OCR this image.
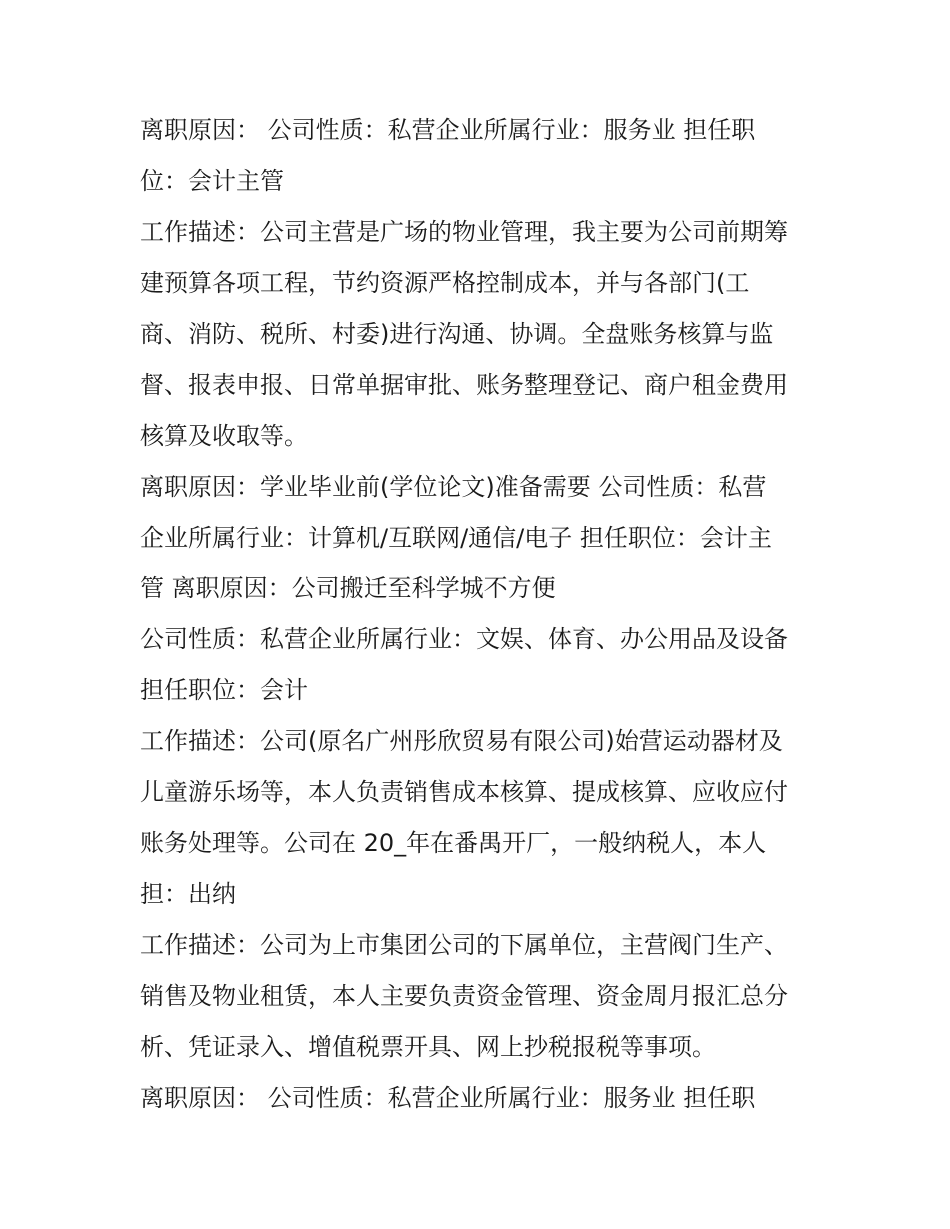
离职原因： 公司性质：私营企业所属行业：服务业 担任职
位：会计主管
工作描述：公司主营是广场的物业管理，我主要为公司前期筹
建预算各项工程，节约资源严格控制成本，并与各部门(工
商、消防、税所、村委)进行沟通、协调。全盘账务核算与监
督、报表申报、日常单据审批、账务整理登记、商户租金费用
核算及收取等。
离职原因：学业毕业前(学位论文)准备需要 公司性质：私营
企业所属行业：计算机/互联网/通信/电子 担任职位：会计主
管 离职原因：公司搬迁至科学城不方便
公司性质：私营企业所属行业：文娱、体育、办公用品及设备
担任职位：会计
工作描述：公司(原名广州彤欣贸易有限公司)始营运动器材及
儿童游乐场等，本人负责销售成本核算、提成核算、应收应付
账务处理等。公司在 20_年在番禺开厂，一般纳税人，本人
担：出纳
工作描述：公司为上市集团公司的下属单位，主营阀门生产、
销售及物业租赁，本人主要负责资金管理、资金周月报汇总分
析、凭证录入、增值税票开具、网上抄税报税等事项。
离职原因： 公司性质：私营企业所属行业：服务业 担任职
